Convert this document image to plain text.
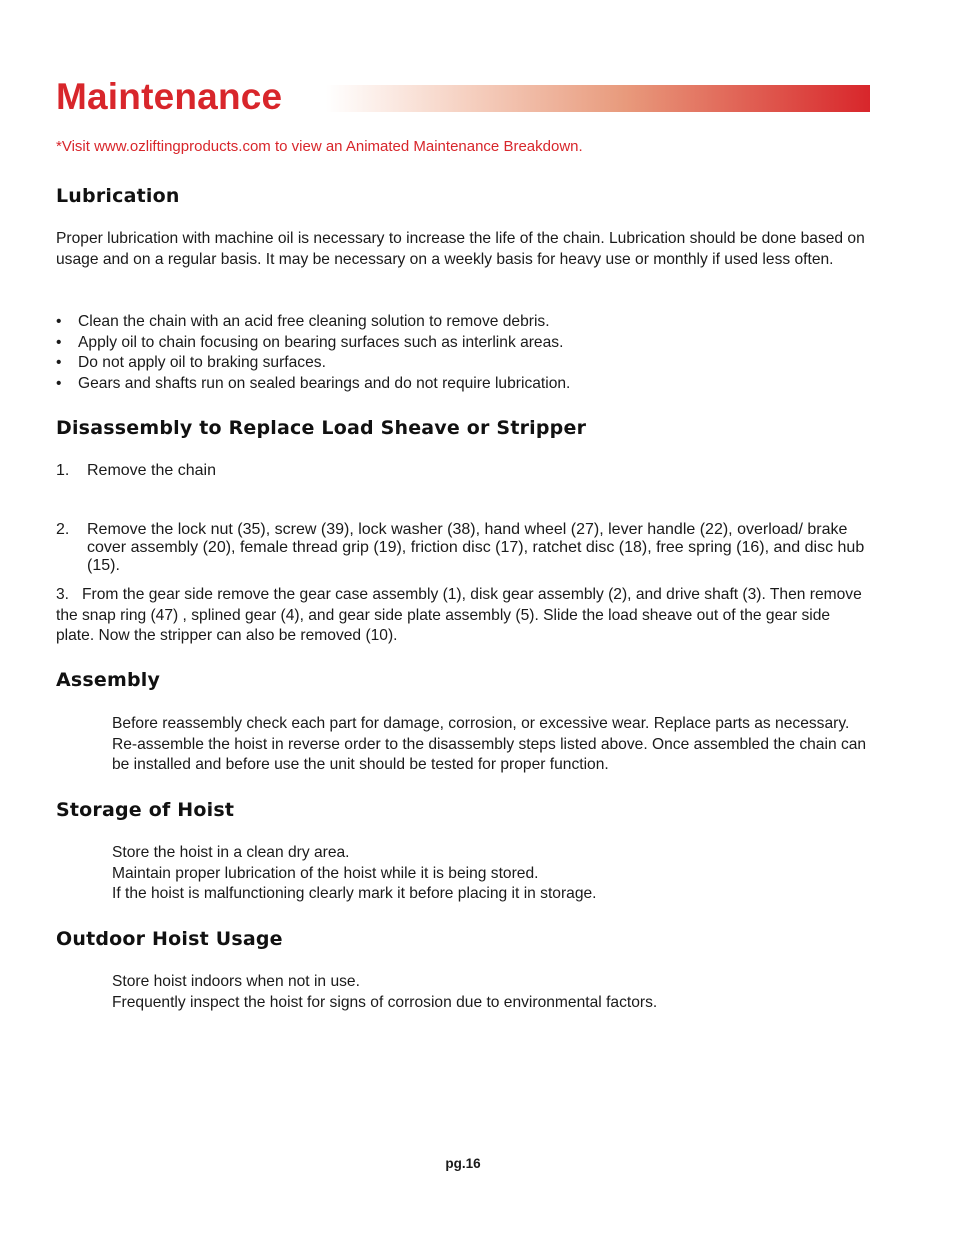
Maintenance

*Visit www.ozliftingproducts.com to view an Animated Maintenance Breakdown.

Lubrication

Proper lubrication with machine oil is necessary to increase the life of the chain. Lubrication should be done based on usage and on a regular basis. It may be necessary on a weekly basis for heavy use or monthly if used less often.

• Clean the chain with an acid free cleaning solution to remove debris.
• Apply oil to chain focusing on bearing surfaces such as interlink areas.
• Do not apply oil to braking surfaces.
• Gears and shafts run on sealed bearings and do not require lubrication.
Disassembly to Replace Load Sheave or Stripper
1. Remove the chain
2. Remove the lock nut (35), screw (39), lock washer (38), hand wheel (27), lever handle (22), overload/ brake cover assembly (20), female thread grip (19), friction disc (17), ratchet disc (18), free spring (16), and disc hub (15).
3. From the gear side remove the gear case assembly (1), disk gear assembly (2), and drive shaft (3). Then remove the snap ring (47) , splined gear (4), and gear side plate assembly (5). Slide the load sheave out of the gear side plate. Now the stripper can also be removed (10).
Assembly

Before reassembly check each part for damage, corrosion, or excessive wear. Replace parts as necessary. Re-assemble the hoist in reverse order to the disassembly steps listed above. Once assembled the chain can be installed and before use the unit should be tested for proper function.

Storage of Hoist
Store the hoist in a clean dry area.
Maintain proper lubrication of the hoist while it is being stored.
If the hoist is malfunctioning clearly mark it before placing it in storage.
Outdoor Hoist Usage
Store hoist indoors when not in use.
Frequently inspect the hoist for signs of corrosion due to environmental factors.
pg.16
